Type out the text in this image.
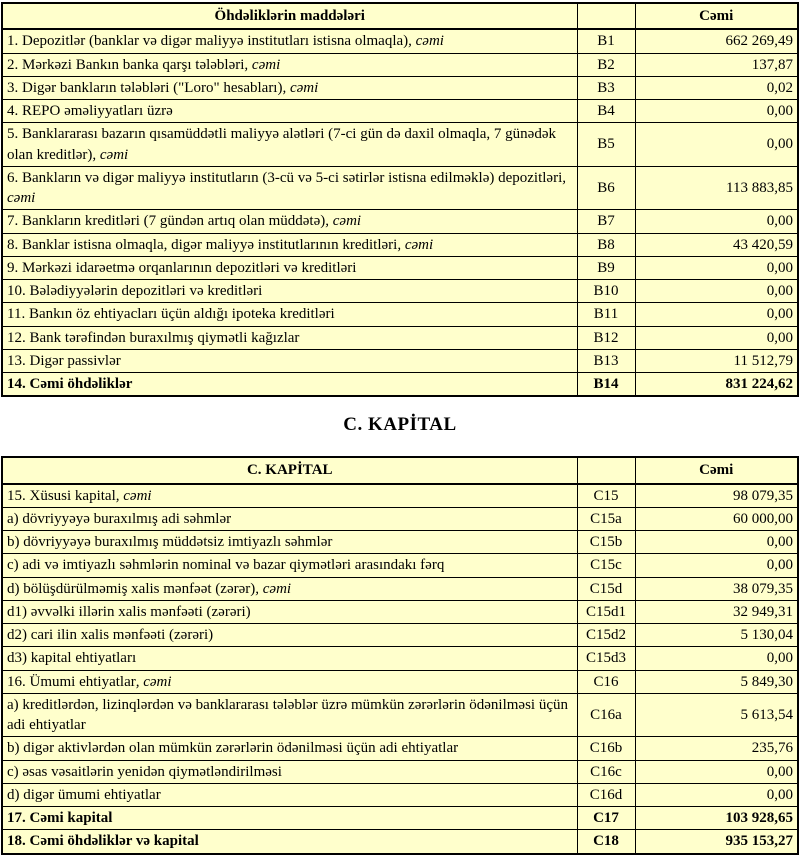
Öhdəliklərin maddələri		Cəmi
1. Depozitlər (banklar və digər maliyyə institutları istisna olmaqla), cəmi	B1	662 269,49
2. Mərkəzi Bankın banka qarşı tələbləri, cəmi	B2	137,87
3. Digər bankların tələbləri ("Loro" hesabları), cəmi	B3	0,02
4. REPO əməliyyatları üzrə	B4	0,00
5. Banklararası bazarın qısamüddətli maliyyə alətləri (7-ci gün də daxil olmaqla, 7 günədək olan kreditlər), cəmi	B5	0,00
6. Bankların və digər maliyyə institutların (3-cü və 5-ci sətirlər istisna edilməklə) depozitləri, cəmi	B6	113 883,85
7. Bankların kreditləri (7 gündən artıq olan müddətə), cəmi	B7	0,00
8. Banklar istisna olmaqla, digər maliyyə institutlarının kreditləri, cəmi	B8	43 420,59
9. Mərkəzi idarəetmə orqanlarının depozitləri və kreditləri	B9	0,00
10. Bələdiyyələrin depozitləri və kreditləri	B10	0,00
11. Bankın öz ehtiyacları üçün aldığı ipoteka kreditləri	B11	0,00
12. Bank tərəfindən buraxılmış qiymətli kağızlar	B12	0,00
13. Digər passivlər	B13	11 512,79
14. Cəmi öhdəliklər	B14	831 224,62
C. KAPİTAL
C. KAPİTAL		Cəmi
15. Xüsusi kapital, cəmi	C15	98 079,35
a) dövriyyəyə buraxılmış adi səhmlər	C15a	60 000,00
b) dövriyyəyə buraxılmış müddətsiz imtiyazlı səhmlər	C15b	0,00
c) adi və imtiyazlı səhmlərin nominal və bazar qiymətləri arasındakı fərq	C15c	0,00
d) bölüşdürülməmiş xalis mənfəət (zərər), cəmi	C15d	38 079,35
d1) əvvəlki illərin xalis mənfəəti (zərəri)	C15d1	32 949,31
d2) cari ilin xalis mənfəəti (zərəri)	C15d2	5 130,04
d3) kapital ehtiyatları	C15d3	0,00
16. Ümumi ehtiyatlar, cəmi	C16	5 849,30
a) kreditlərdən, lizinqlərdən və banklararası tələblər üzrə mümkün zərərlərin ödənilməsi üçün adi ehtiyatlar	C16a	5 613,54
b) digər aktivlərdən olan mümkün zərərlərin ödənilməsi üçün adi ehtiyatlar	C16b	235,76
c) əsas vəsaitlərin yenidən qiymətləndirilməsi	C16c	0,00
d) digər ümumi ehtiyatlar	C16d	0,00
17. Cəmi kapital	C17	103 928,65
18. Cəmi öhdəliklər və kapital	C18	935 153,27
